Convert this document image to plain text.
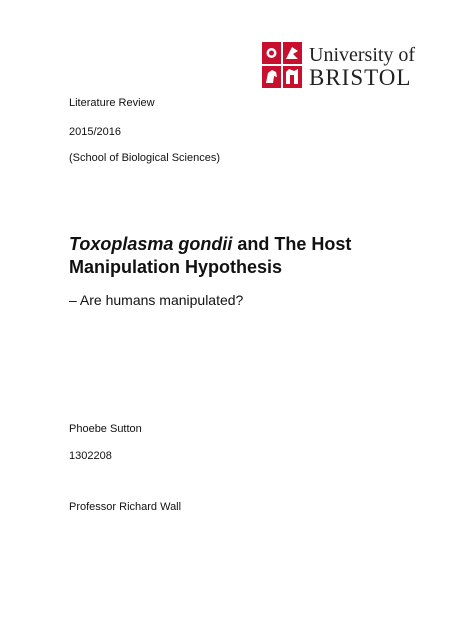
University of
BRISTOL

Literature Review

2015/2016

(School of Biological Sciences)

Toxoplasma gondii and The Host
Manipulation Hypothesis

– Are humans manipulated?

Phoebe Sutton

1302208

Professor Richard Wall
